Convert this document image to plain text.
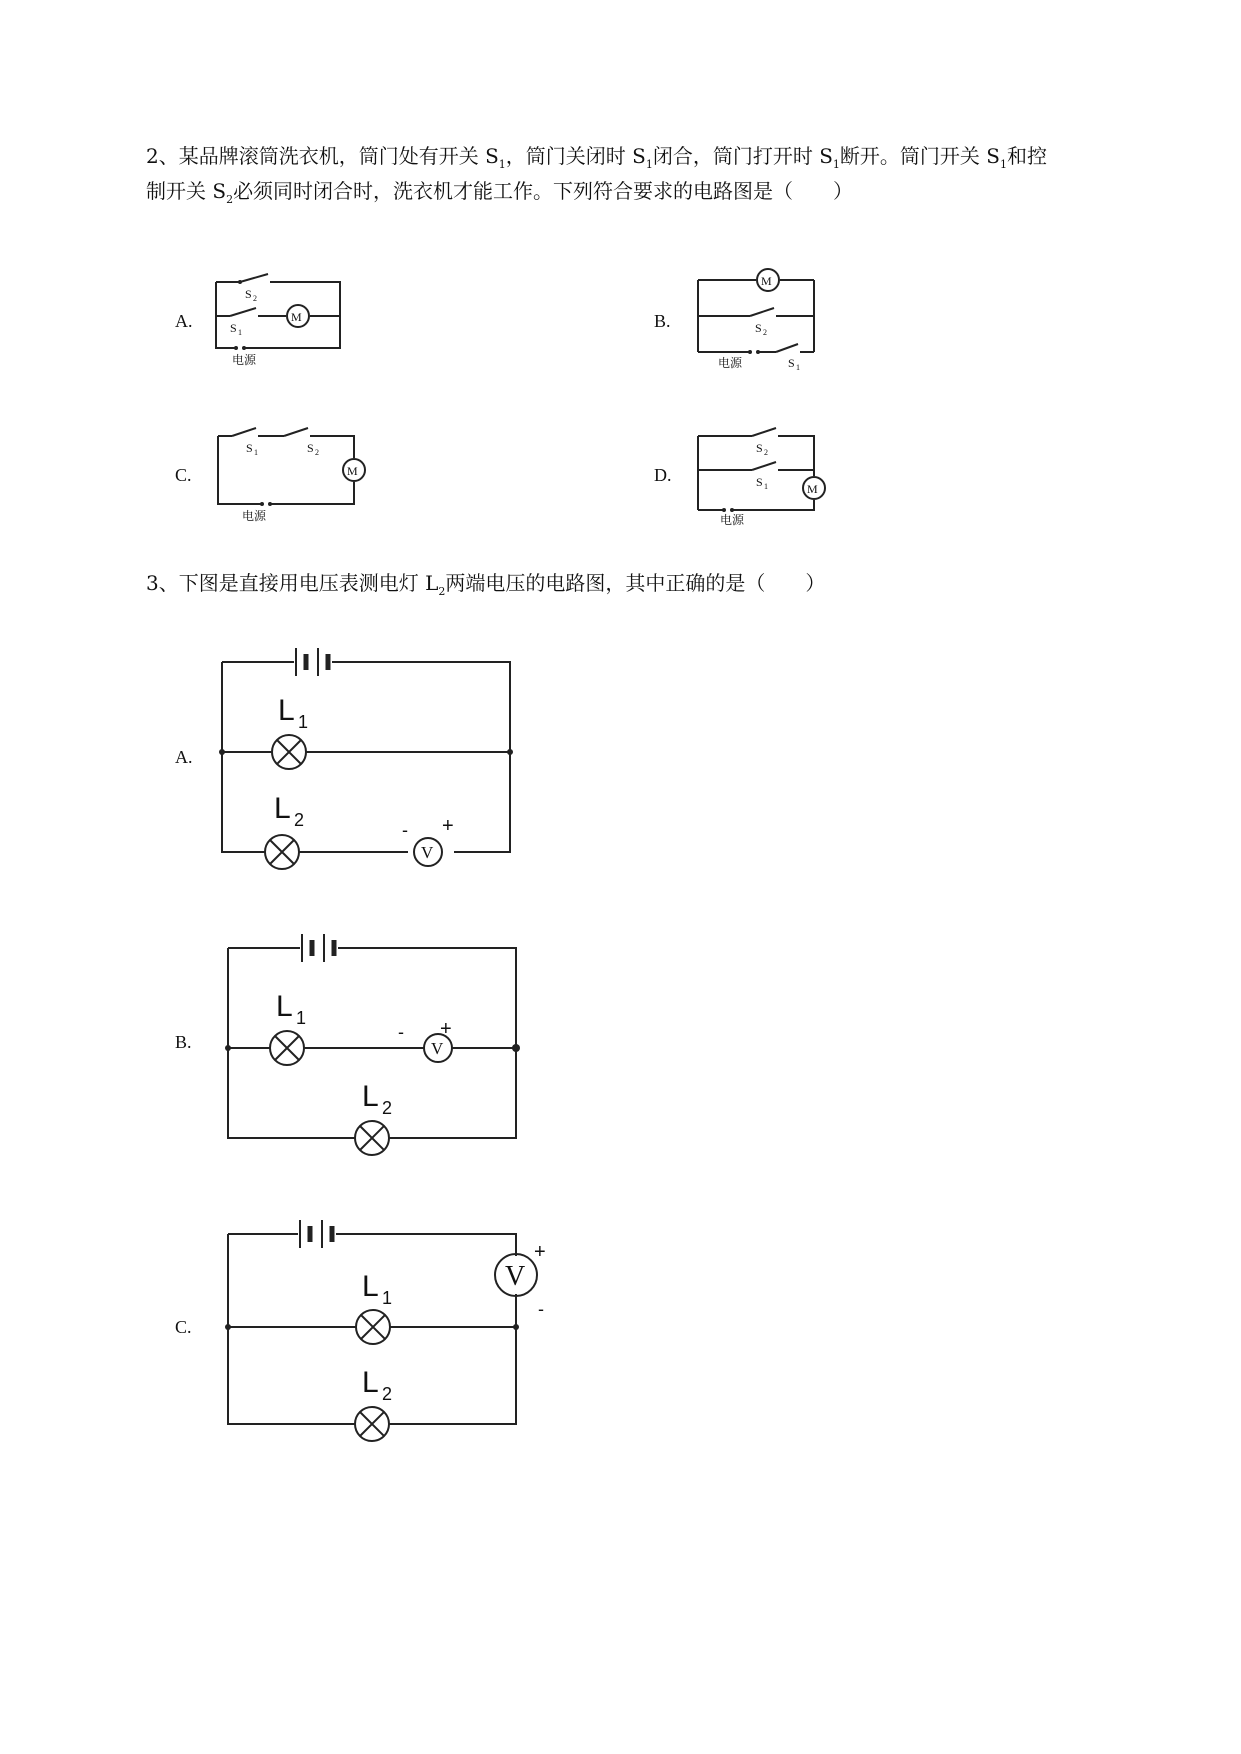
2、某品牌滚筒洗衣机，筒门处有开关 $S_1$，筒门关闭时 $S_1$闭合，筒门打开时 $S_1$断开。筒门开关 $S_1$和控
制开关 $S_2$必须同时闭合时，洗衣机才能工作。下列符合要求的电路图是（　　）
A.	B.
C.	D.
M
S 2
S 1
电源
M
S 2
电源	S 1
M
S 1	S 2
电源
M
S 2
S 1
电源
3、下图是直接用电压表测电灯 $L_2$两端电压的电路图，其中正确的是（　　）
A.
B.
C.
L 1
L 2
V
- +
L 1
V
- +
L 2
V
+
-
L 1
L 2
